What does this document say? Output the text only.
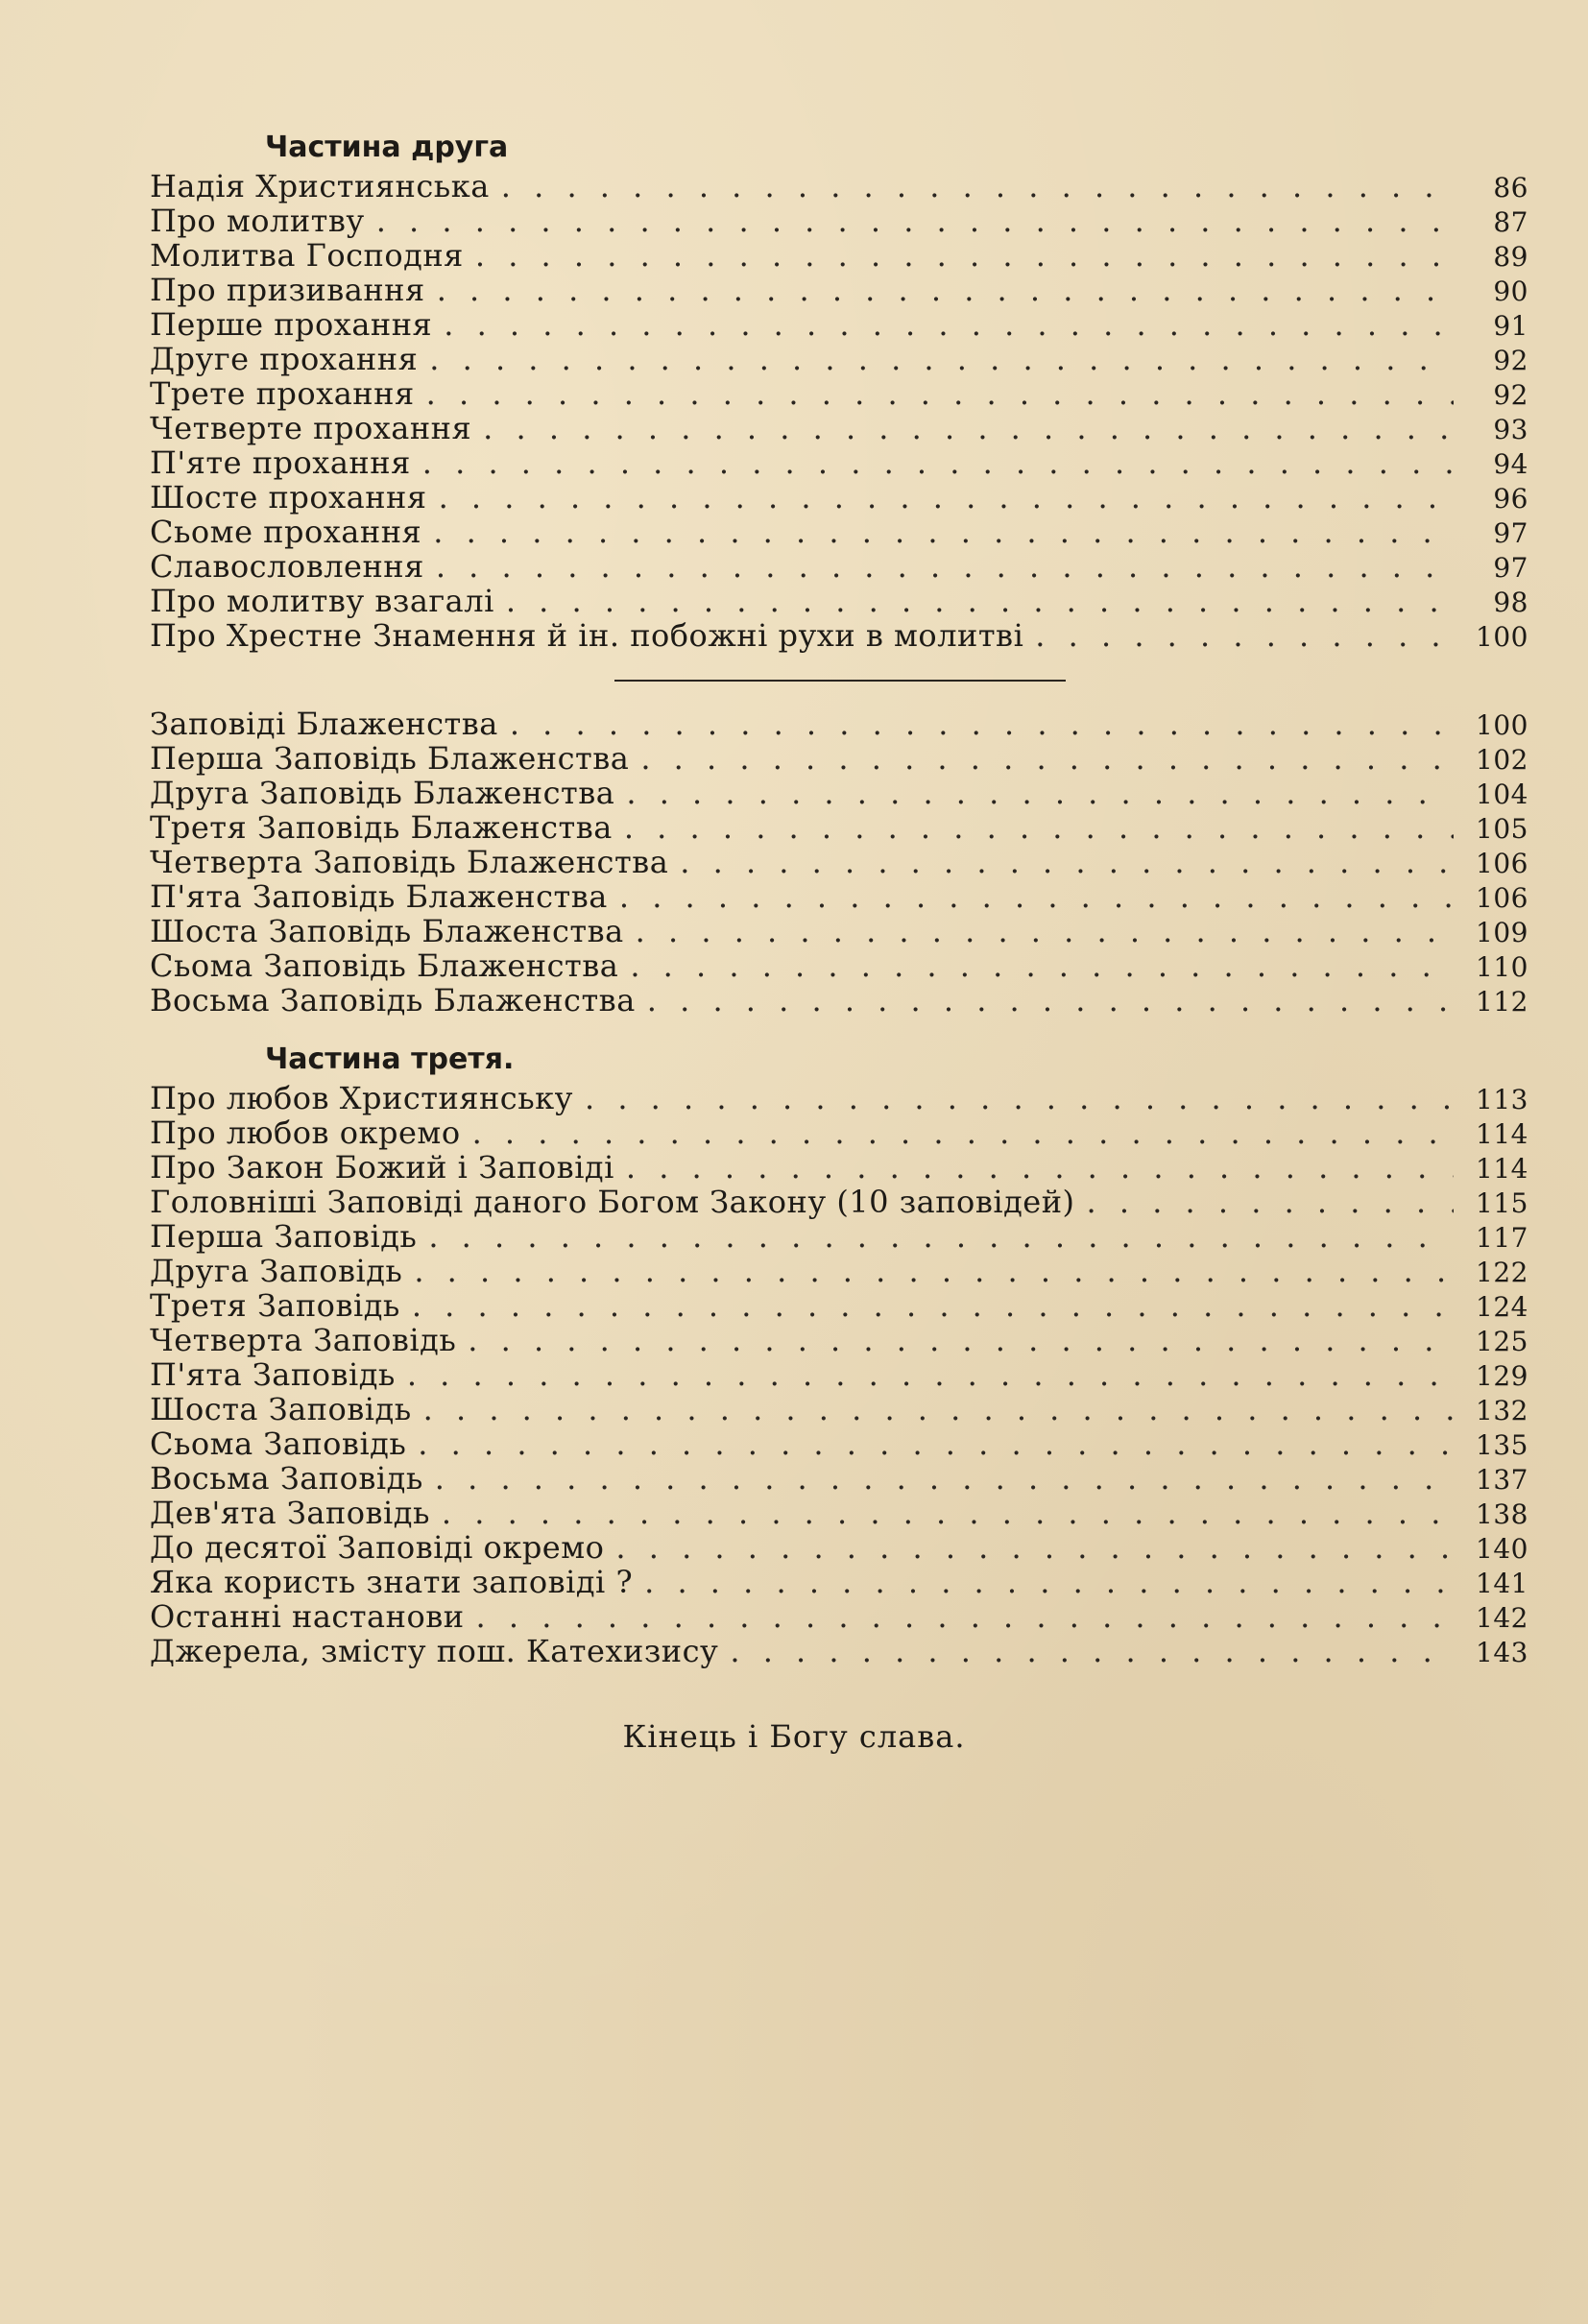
Частина друга
Надія Християнська . . .	86
Про молитву . . .	87
Молитва Господня . . .	89
Про призивання . . .	90
Перше прохання . . .	91
Друге прохання . . .	92
Трете прохання . . .	92
Четверте прохання . . .	93
П'яте прохання . . .	94
Шосте прохання . . .	96
Сьоме прохання . . .	97
Славословлення . . .	97
Про молитву взагалі . . .	98
Про Хрестне Знамення й ін. побожні рухи в молитві . . .	100
Заповіді Блаженства . . .	100
Перша Заповідь Блаженства . . .	102
Друга Заповідь Блаженства . . .	104
Третя Заповідь Блаженства . . .	105
Четверта Заповідь Блаженства . . .	106
П'ята Заповідь Блаженства . . .	106
Шоста Заповідь Блаженства . . .	109
Сьома Заповідь Блаженства . . .	110
Восьма Заповідь Блаженства . . .	112
Частина третя.
Про любов Християнську . . .	113
Про любов окремо . . .	114
Про Закон Божий і Заповіді . . .	114
Головніші Заповіді даного Богом Закону (10 заповідей) . . .	115
Перша Заповідь . . .	117
Друга Заповідь . . .	122
Третя Заповідь . . .	124
Четверта Заповідь . . .	125
П'ята Заповідь . . .	129
Шоста Заповідь . . .	132
Сьома Заповідь . . .	135
Восьма Заповідь . . .	137
Дев'ята Заповідь . . .	138
До десятої Заповіді окремо . . .	140
Яка користь знати заповіді ? . . .	141
Останні настанови . . .	142
Джерела, змісту пош. Катехизису . . .	143
Кінець і Богу слава.
